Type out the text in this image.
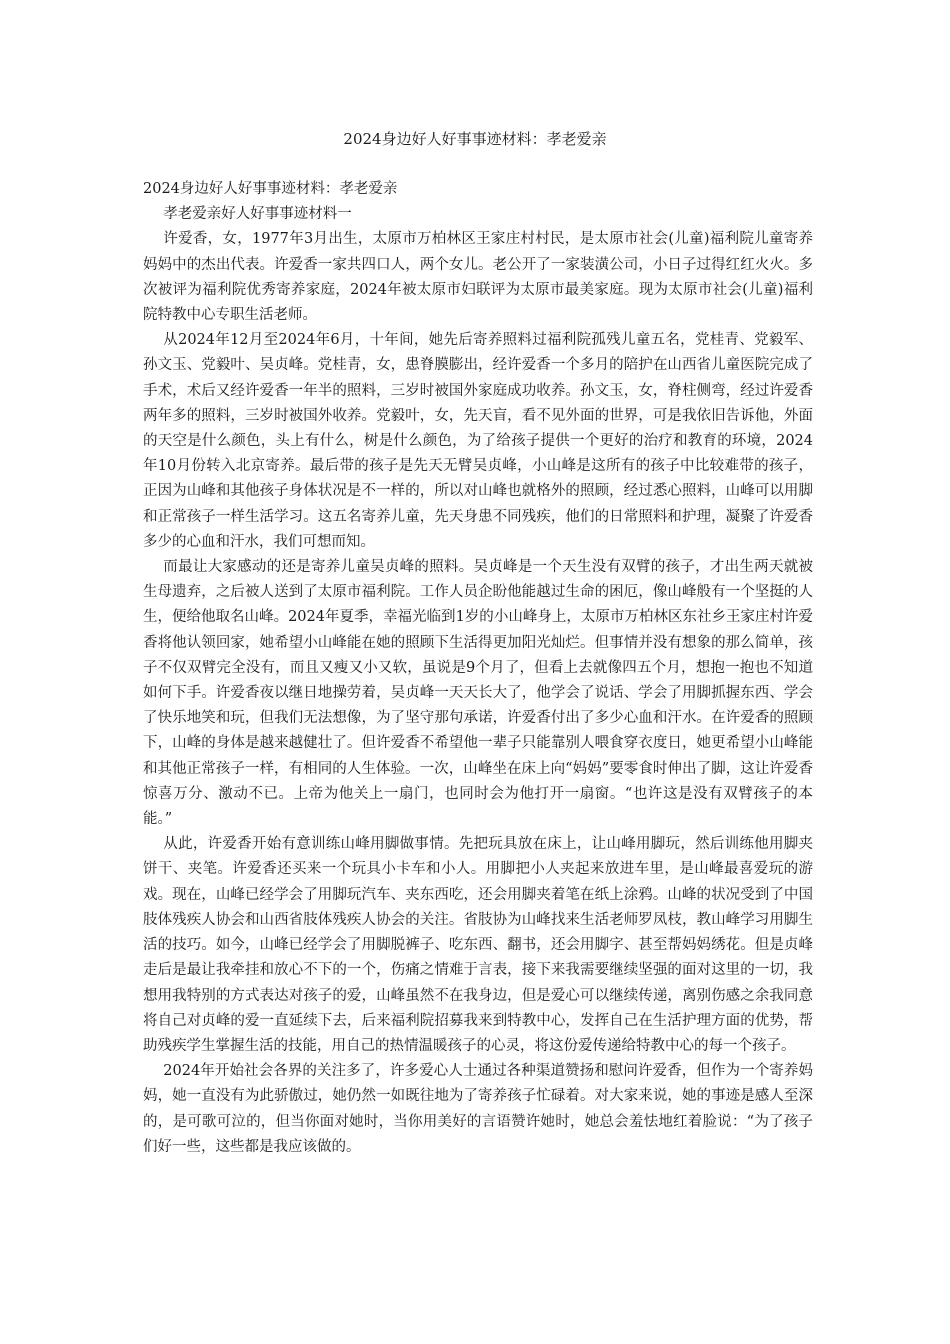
2024身边好人好事事迹材料：孝老爱亲

2024身边好人好事事迹材料：孝老爱亲

孝老爱亲好人好事事迹材料一

许爱香，女，1977年3月出生，太原市万柏林区王家庄村村民，是太原市社会(儿童)福利院儿童寄养妈妈中的杰出代表。许爱香一家共四口人，两个女儿。老公开了一家装潢公司，小日子过得红红火火。多次被评为福利院优秀寄养家庭，2024年被太原市妇联评为太原市最美家庭。现为太原市社会(儿童)福利院特教中心专职生活老师。

从2024年12月至2024年6月，十年间，她先后寄养照料过福利院孤残儿童五名，党桂青、党毅军、孙文玉、党毅叶、吴贞峰。党桂青，女，患脊膜膨出，经许爱香一个多月的陪护在山西省儿童医院完成了手术，术后又经许爱香一年半的照料，三岁时被国外家庭成功收养。孙文玉，女，脊柱侧弯，经过许爱香两年多的照料，三岁时被国外收养。党毅叶，女，先天盲，看不见外面的世界，可是我依旧告诉他，外面的天空是什么颜色，头上有什么，树是什么颜色，为了给孩子提供一个更好的治疗和教育的环境，2024年10月份转入北京寄养。最后带的孩子是先天无臂吴贞峰，小山峰是这所有的孩子中比较难带的孩子，正因为山峰和其他孩子身体状况是不一样的，所以对山峰也就格外的照顾，经过悉心照料，山峰可以用脚和正常孩子一样生活学习。这五名寄养儿童，先天身患不同残疾，他们的日常照料和护理，凝聚了许爱香多少的心血和汗水，我们可想而知。

而最让大家感动的还是寄养儿童吴贞峰的照料。吴贞峰是一个天生没有双臂的孩子，才出生两天就被生母遗弃，之后被人送到了太原市福利院。工作人员企盼他能越过生命的困厄，像山峰般有一个坚挺的人生，便给他取名山峰。2024年夏季，幸福光临到1岁的小山峰身上，太原市万柏林区东社乡王家庄村许爱香将他认领回家，她希望小山峰能在她的照顾下生活得更加阳光灿烂。但事情并没有想象的那么简单，孩子不仅双臂完全没有，而且又瘦又小又软，虽说是9个月了，但看上去就像四五个月，想抱一抱也不知道如何下手。许爱香夜以继日地操劳着，吴贞峰一天天长大了，他学会了说话、学会了用脚抓握东西、学会了快乐地笑和玩，但我们无法想像，为了坚守那句承诺，许爱香付出了多少心血和汗水。在许爱香的照顾下，山峰的身体是越来越健壮了。但许爱香不希望他一辈子只能靠别人喂食穿衣度日，她更希望小山峰能和其他正常孩子一样，有相同的人生体验。一次，山峰坐在床上向“妈妈”要零食时伸出了脚，这让许爱香惊喜万分、激动不已。上帝为他关上一扇门，也同时会为他打开一扇窗。“也许这是没有双臂孩子的本能。”

从此，许爱香开始有意训练山峰用脚做事情。先把玩具放在床上，让山峰用脚玩，然后训练他用脚夹饼干、夹笔。许爱香还买来一个玩具小卡车和小人。用脚把小人夹起来放进车里，是山峰最喜爱玩的游戏。现在，山峰已经学会了用脚玩汽车、夹东西吃，还会用脚夹着笔在纸上涂鸦。山峰的状况受到了中国肢体残疾人协会和山西省肢体残疾人协会的关注。省肢协为山峰找来生活老师罗凤枝，教山峰学习用脚生活的技巧。如今，山峰已经学会了用脚脱裤子、吃东西、翻书，还会用脚字、甚至帮妈妈绣花。但是贞峰走后是最让我牵挂和放心不下的一个，伤痛之情难于言表，接下来我需要继续坚强的面对这里的一切，我想用我特别的方式表达对孩子的爱，山峰虽然不在我身边，但是爱心可以继续传递，离别伤感之余我同意将自己对贞峰的爱一直延续下去，后来福利院招募我来到特教中心，发挥自己在生活护理方面的优势，帮助残疾学生掌握生活的技能，用自己的热情温暖孩子的心灵，将这份爱传递给特教中心的每一个孩子。

2024年开始社会各界的关注多了，许多爱心人士通过各种渠道赞扬和慰问许爱香，但作为一个寄养妈妈，她一直没有为此骄傲过，她仍然一如既往地为了寄养孩子忙碌着。对大家来说，她的事迹是感人至深的，是可歌可泣的，但当你面对她时，当你用美好的言语赞许她时，她总会羞怯地红着脸说：“为了孩子们好一些，这些都是我应该做的。
